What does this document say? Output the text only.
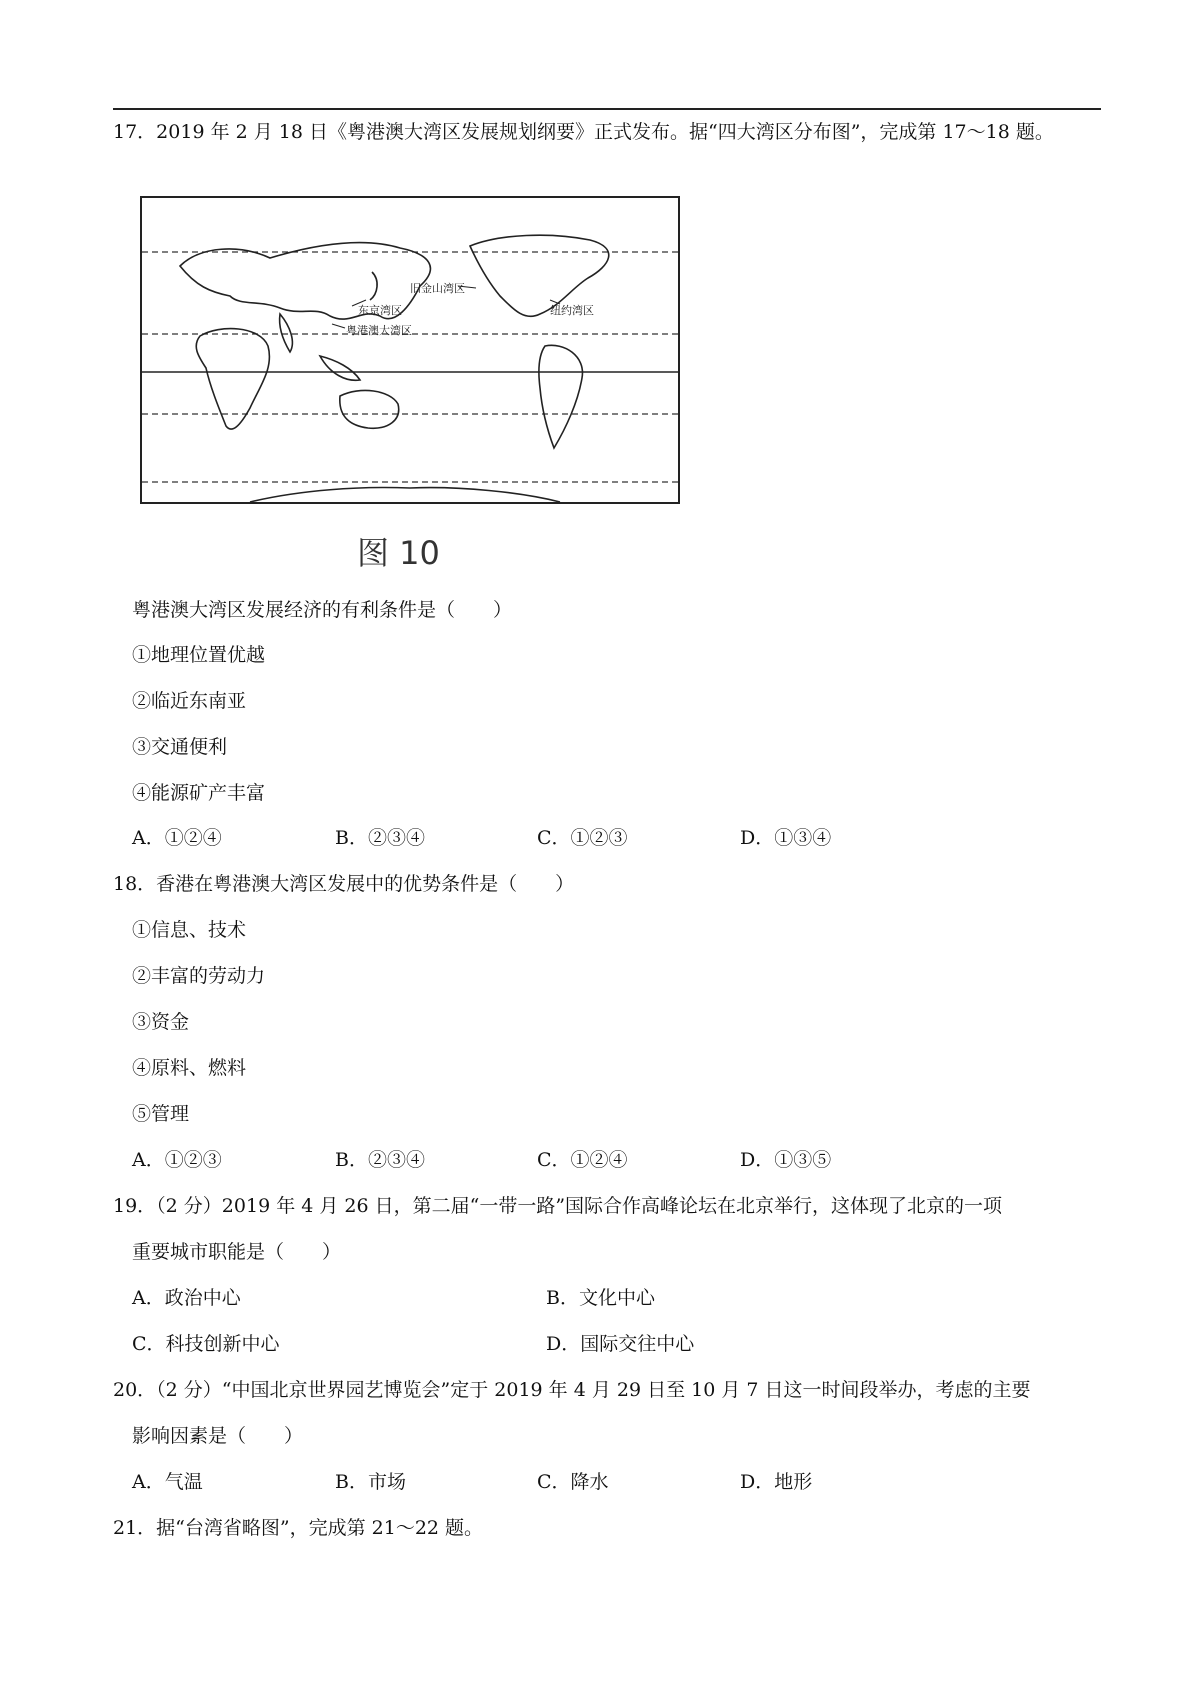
17．2019 年 2 月 18 日《粤港澳大湾区发展规划纲要》正式发布。据“四大湾区分布图”，完成第 17～18 题。
旧金山湾区
东京湾区	纽约湾区
粤港澳大湾区
图 10
粤港澳大湾区发展经济的有利条件是（　　）
①地理位置优越
②临近东南亚
③交通便利
④能源矿产丰富
A．①②④	B．②③④	C．①②③	D．①③④
18．香港在粤港澳大湾区发展中的优势条件是（　　）
①信息、技术
②丰富的劳动力
③资金
④原料、燃料
⑤管理
A．①②③	B．②③④	C．①②④	D．①③⑤
19．（2 分）2019 年 4 月 26 日，第二届“一带一路”国际合作高峰论坛在北京举行，这体现了北京的一项
重要城市职能是（　　）
A．政治中心	B．文化中心
C．科技创新中心	D．国际交往中心
20．（2 分）“中国北京世界园艺博览会”定于 2019 年 4 月 29 日至 10 月 7 日这一时间段举办，考虑的主要
影响因素是（　　）
A．气温	B．市场	C．降水	D．地形
21．据“台湾省略图”，完成第 21～22 题。
